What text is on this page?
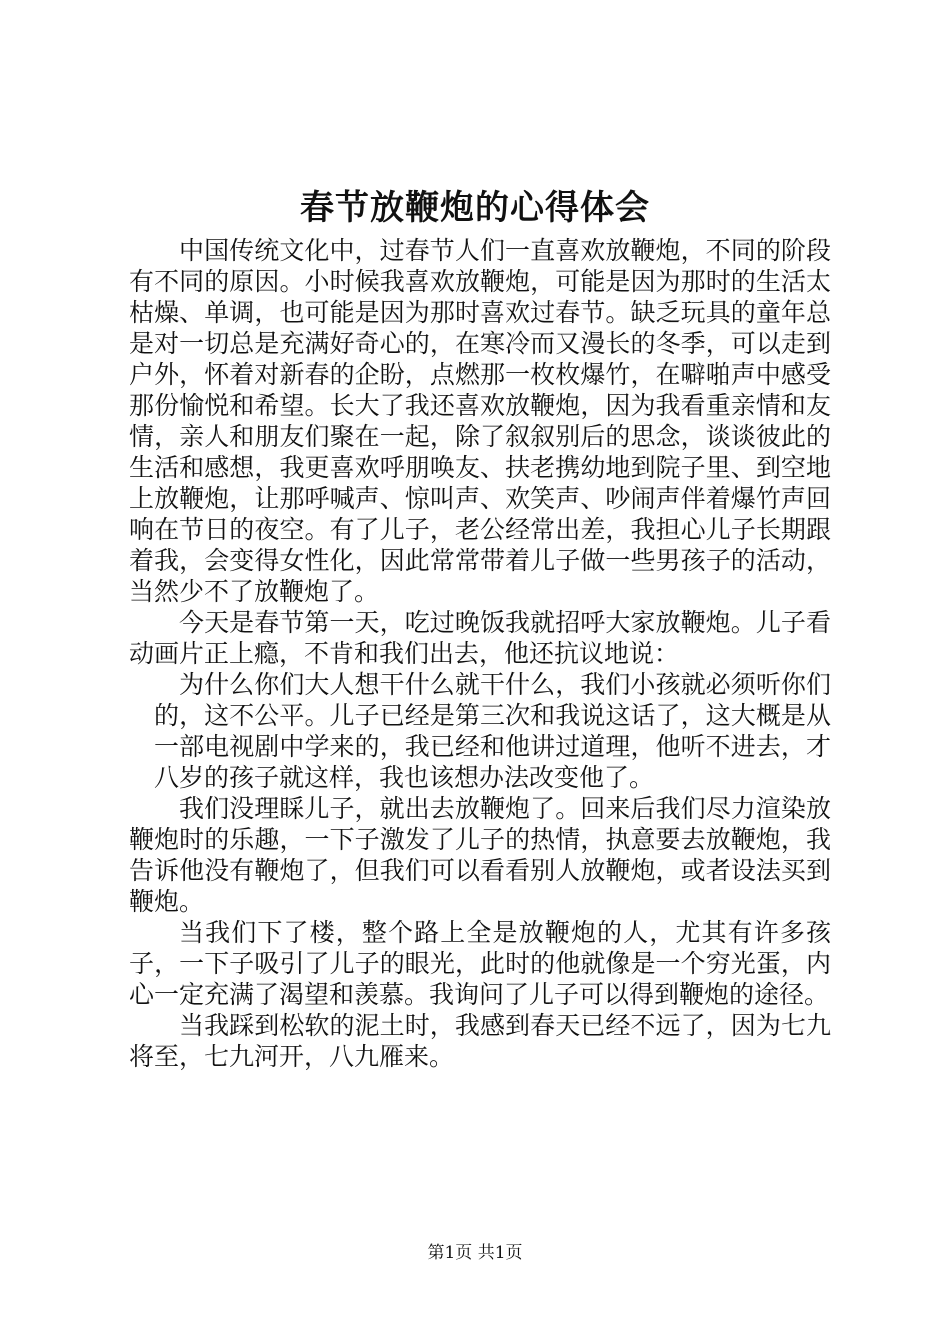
春节放鞭炮的心得体会

中国传统文化中，过春节人们一直喜欢放鞭炮，不同的阶段有不同的原因。小时候我喜欢放鞭炮，可能是因为那时的生活太枯燥、单调，也可能是因为那时喜欢过春节。缺乏玩具的童年总是对一切总是充满好奇心的，在寒冷而又漫长的冬季，可以走到户外，怀着对新春的企盼，点燃那一枚枚爆竹，在噼啪声中感受那份愉悦和希望。长大了我还喜欢放鞭炮，因为我看重亲情和友情，亲人和朋友们聚在一起，除了叙叙别后的思念，谈谈彼此的生活和感想，我更喜欢呼朋唤友、扶老携幼地到院子里、到空地上放鞭炮，让那呼喊声、惊叫声、欢笑声、吵闹声伴着爆竹声回响在节日的夜空。有了儿子，老公经常出差，我担心儿子长期跟着我，会变得女性化，因此常常带着儿子做一些男孩子的活动，当然少不了放鞭炮了。

今天是春节第一天，吃过晚饭我就招呼大家放鞭炮。儿子看动画片正上瘾，不肯和我们出去，他还抗议地说：

为什么你们大人想干什么就干什么，我们小孩就必须听你们的，这不公平。儿子已经是第三次和我说这话了，这大概是从一部电视剧中学来的，我已经和他讲过道理，他听不进去，才八岁的孩子就这样，我也该想办法改变他了。

我们没理睬儿子，就出去放鞭炮了。回来后我们尽力渲染放鞭炮时的乐趣，一下子激发了儿子的热情，执意要去放鞭炮，我告诉他没有鞭炮了，但我们可以看看别人放鞭炮，或者设法买到鞭炮。

当我们下了楼，整个路上全是放鞭炮的人，尤其有许多孩子，一下子吸引了儿子的眼光，此时的他就像是一个穷光蛋，内心一定充满了渴望和羡慕。我询问了儿子可以得到鞭炮的途径。

当我踩到松软的泥土时，我感到春天已经不远了，因为七九将至，七九河开，八九雁来。

第1页 共1页
